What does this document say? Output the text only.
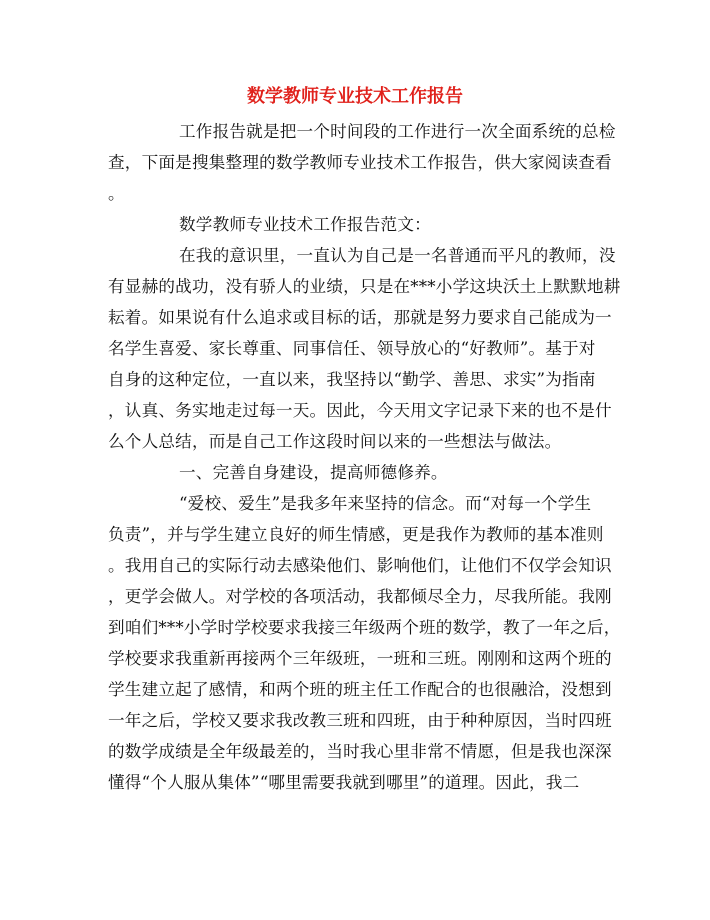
数学教师专业技术工作报告
工作报告就是把一个时间段的工作进行一次全面系统的总检
查，下面是搜集整理的数学教师专业技术工作报告，供大家阅读查看
。
数学教师专业技术工作报告范文：
在我的意识里，一直认为自己是一名普通而平凡的教师，没
有显赫的战功，没有骄人的业绩，只是在***小学这块沃土上默默地耕
耘着。如果说有什么追求或目标的话，那就是努力要求自己能成为一
名学生喜爱、家长尊重、同事信任、领导放心的“好教师”。基于对
自身的这种定位，一直以来，我坚持以“勤学、善思、求实”为指南
，认真、务实地走过每一天。因此，今天用文字记录下来的也不是什
么个人总结，而是自己工作这段时间以来的一些想法与做法。
一、完善自身建设，提高师德修养。
“爱校、爱生”是我多年来坚持的信念。而“对每一个学生
负责”，并与学生建立良好的师生情感，更是我作为教师的基本准则
。我用自己的实际行动去感染他们、影响他们，让他们不仅学会知识
，更学会做人。对学校的各项活动，我都倾尽全力，尽我所能。我刚
到咱们***小学时学校要求我接三年级两个班的数学，教了一年之后，
学校要求我重新再接两个三年级班，一班和三班。刚刚和这两个班的
学生建立起了感情，和两个班的班主任工作配合的也很融洽，没想到
一年之后，学校又要求我改教三班和四班，由于种种原因，当时四班
的数学成绩是全年级最差的，当时我心里非常不情愿，但是我也深深
懂得“个人服从集体”“哪里需要我就到哪里”的道理。因此，我二
